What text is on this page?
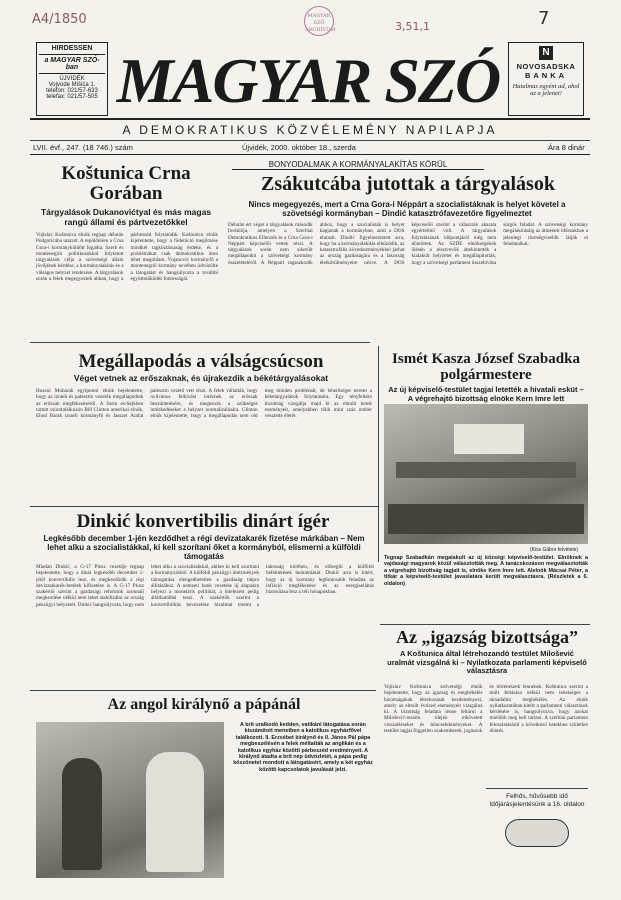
A4/1850	3,51,1	7
MAGYAR SZÓ ARCHÍVUM
HIRDESSEN
a MAGYAR SZÓ-ban
ÚJVIDÉK
Vojvode Mišića 1.
telefon: 021/57-633
telefax: 021/57-505
N
NOVOSADSKA
BANKA
Hatalmas egyént ad, ahol az a jelenet!
MAGYAR SZÓ
A DEMOKRATIKUS KÖZVÉLEMÉNY NAPILAPJA
LVII. évf., 247. (18 746.) szám	Újvidék, 2000. október 18., szerda	Ára 8 dinár
Koštunica Crna Gorában
Tárgyalások Dukanovićtyal és más magas rangú állami és pártvezetőkkel
Vojislav Koštunica elnök tegnap délután Podgoricába utazott. A repülőtéren a Crna Gora-i kormányküldött fogadta. Szerb és montenegrói politikusokkal folytatott tárgyalások célja a szövetségi állam jövőjének kérdése, a kormányalakítás és a válságos helyzet rendezése. A tárgyalások során a felek megegyeztek abban, hogy a párbeszéd folytatódik. Koštunica elnök kijelentette, hogy a föderáció megőrzése mindkét tagköztársaság érdeke, és a problémákat csak demokratikus úton lehet megoldani. Vujanović kormányfő a montenegrói kormány nevében üdvözölte a látogatást és hangsúlyozta a további együttműködés fontosságát.
BONYODALMAK A KORMÁNYALAKÍTÁS KÖRÜL
Zsákutcába jutottak a tárgyalások
Nincs megegyezés, mert a Crna Gora-i Néppárt a szocialistáknak is helyet követel a szövetségi kormányban – Dindić katasztrófavezetőre figyelmeztet
Délután ért véget a tárgyalások második fordulója, amelyen a Szerbiai Demokratikus Ellenzék és a Crna Gora-i Néppárt képviselői vettek részt. A tárgyalások során nem sikerült megállapodni a szövetségi kormány összetételéről. A Néppárt ragaszkodik ahhoz, hogy a szocialisták is helyet kapjanak a kormányban, amit a DOS elutasít. Dindić figyelmeztetett arra, hogy ha a kormányalakítás elhúzódik, az katasztrofális következményekkel járhat az ország gazdaságára és a lakosság életkörülményeire nézve. A DOS képviselői szerint a választók akarata egyértelmű volt. A tárgyalások folytatásának időpontjáról még nem döntöttek. Az SZDE elnökségének ülésén a résztvevők áttekintették a kialakult helyzetet és megállapították, hogy a szövetségi parlament összehívása sürgős feladat. A szövetségi kormány megalakításáig az átmeneti időszakban a jelenlegi tisztségviselők látják el feladataikat.
Megállapodás a válságcsúcson
Véget vetnek az erőszaknak, és újrakezdik a békétárgyalásokat
Hoszni Mubarak egyiptomi elnök bejelentette, hogy az izraeli és palesztin vezetők megállapodtak az erőszak megfékezéséről. A Sarm es-Sejkben tartott csúcstalálkozón Bill Clinton amerikai elnök, Ehud Barak izraeli kormányfő és Jasszer Arafat palesztin vezető vett részt. A felek vállalták, hogy nyilvános felhívást intéznek az erőszak beszüntetésére, és megteszik a szükséges intézkedéseket a helyzet normalizálására. Clinton elnök kijelentette, hogy a megállapodás nem old meg minden problémát, de lehetőséget teremt a béketárgyalások folytatására. Egy tényfeltáró bizottság vizsgálja majd ki az elmúlt hetek eseményeit, amelyekben több mint száz ember vesztette életét.
Ismét Kasza József Szabadka polgármestere
Az új képviselő-testület tagjai letették a hivatali esküt – A végrehajtó bizottság elnöke Kern Imre lett
(Kiss Gábor felvétele)
Tegnap Szabadkán megalakult az új községi képviselő-testület. Elnöknek a vajdasági magyarok közül választották meg. A tanácskozáson megválasztották a végrehajtó bizottság tagjait is, elnöke Kern Imre lett. Alelnök Mácsai Péter, a titkár a képviselő-testület javaslatára került megválasztásra. (Részletek a 6. oldalon)
Dinkić konvertibilis dinárt ígér
Legkésőbb december 1-jén kezdődhet a régi devizatakarék fizetése márkában – Nem lehet alku a szocialistákkal, ki kell szorítani őket a kormányból, elismerni a külföldi támogatás
Mladan Dinkić, a G-17 Plusz vezetője tegnap bejelentette, hogy a dinár legkésőbb december 1-jétől konvertibilis lesz, és megkezdődik a régi devizatakarék-betétek kifizetése is. A G-17 Plusz szakértői szerint a gazdasági reformok azonnali megkezdése nélkül nem lehet stabilizálni az ország pénzügyi helyzetét. Dinkić hangsúlyozta, hogy nem lehet alku a szocialistákkal, akiket ki kell szorítani a kormányzásból. A külföldi pénzügyi intézmények támogatása elengedhetetlen a gazdaság talpra állításához. A nemzeti bank vezetése új alapokra helyezi a monetáris politikát, a hitelezést pedig átláthatóbbá teszi. A szakértők szerint a konvertibilitás bevezetése bizalmat teremt a lakosság körében, és elősegíti a külföldi befektetések beáramlását. Dinkić arra is kitért, hogy az új kormány legfontosabb feladata az infláció megfékezése és az energiaellátás biztosítása lesz a téli hónapokban.
Az „igazság bizottsága”
A Koštunica által létrehozandó testület Milošević uralmát vizsgálná ki – Nyilatkozata parlamenti képviselő választásra
Vojislav Koštunica szövetségi elnök bejelentette, hogy az igazság és megbékélés bizottságának létrehozását kezdeményezi, amely az elmúlt évtized eseményeit vizsgálná ki. A bizottság feladata lenne feltárni a Milošević-rezsim idején elkövetett visszaéléseket és bűncselekményeket. A testület tagjai független szakemberek, jogászok és történészek lennének. Koštunica szerint a múlt feltárása nélkül nem lehetséges a társadalmi megbékélés. Az elnök nyilatkozatában kitért a parlamenti választások kérdésére is, hangsúlyozva, hogy azokat mielőbb meg kell tartani. A szerbiai parlament feloszlatásáról a következő hetekben születhet döntés.
Felhős, hűvösebb idő Időjárásjelentésünk a 16. oldalon
Az angol királynő a pápánál
A brit uralkodó kedden, vatikáni látogatása során kiszámított menetben a katolikus egyházfővel találkozott. II. Erzsébet királynő és II. János Pál pápa megbeszélésén a felek méltatták az anglikán és a katolikus egyház közötti párbeszéd eredményeit. A királynő átadta a brit nép üdvözletét, a pápa pedig köszönetet mondott a látogatásért, amely a két egyház közötti kapcsolatok javulását jelzi.
